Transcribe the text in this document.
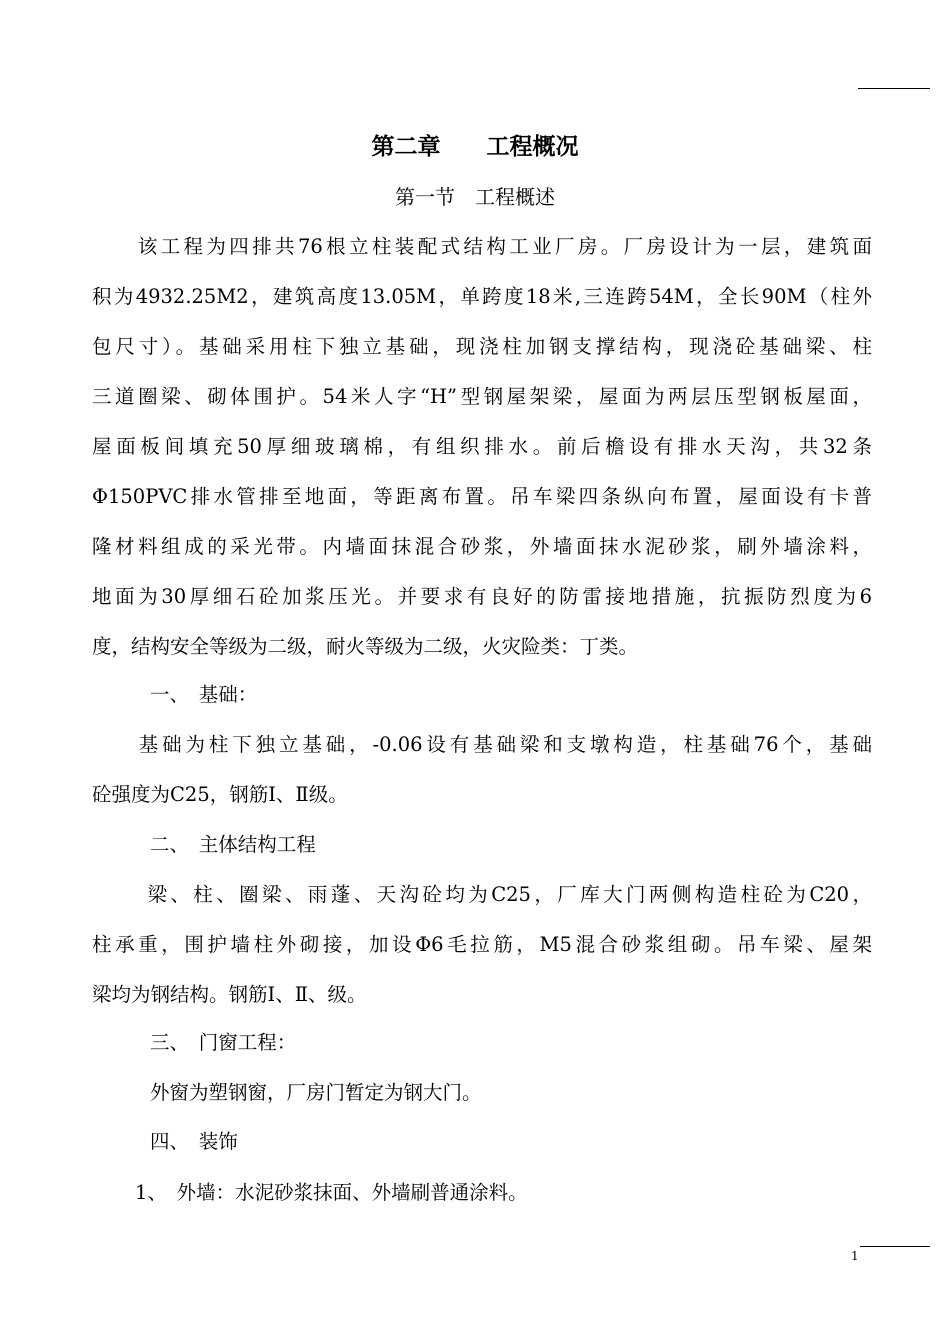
第二章　　工程概况
第一节　工程概述
　　该工程为四排共76根立柱装配式结构工业厂房。厂房设计为一层，建筑面
积为4932.25M2，建筑高度13.05M，单跨度18米,三连跨54M，全长90M（柱外
包尺寸）。基础采用柱下独立基础，现浇柱加钢支撑结构，现浇砼基础梁、柱
三道圈梁、砌体围护。54米人字“H”型钢屋架梁，屋面为两层压型钢板屋面，
屋面板间填充50厚细玻璃棉，有组织排水。前后檐设有排水天沟，共32条
Φ150PVC排水管排至地面，等距离布置。吊车梁四条纵向布置，屋面设有卡普
隆材料组成的采光带。内墙面抹混合砂浆，外墙面抹水泥砂浆，刷外墙涂料，
地面为30厚细石砼加浆压光。并要求有良好的防雷接地措施，抗振防烈度为6
度，结构安全等级为二级，耐火等级为二级，火灾险类：丁类。
一、　基础：
　　基础为柱下独立基础，-0.06设有基础梁和支墩构造，柱基础76个，基础
砼强度为C25，钢筋Ⅰ、Ⅱ级。
二、　主体结构工程
　　 梁、柱、圈梁、雨蓬、天沟砼均为C25，厂库大门两侧构造柱砼为C20，
柱承重，围护墙柱外砌接，加设Φ6毛拉筋，M5混合砂浆组砌。吊车梁、屋架
梁均为钢结构。钢筋Ⅰ、Ⅱ、级。
三、　门窗工程：
外窗为塑钢窗，厂房门暂定为钢大门。
四、　装饰
1、　外墙：水泥砂浆抹面、外墙刷普通涂料。
1
